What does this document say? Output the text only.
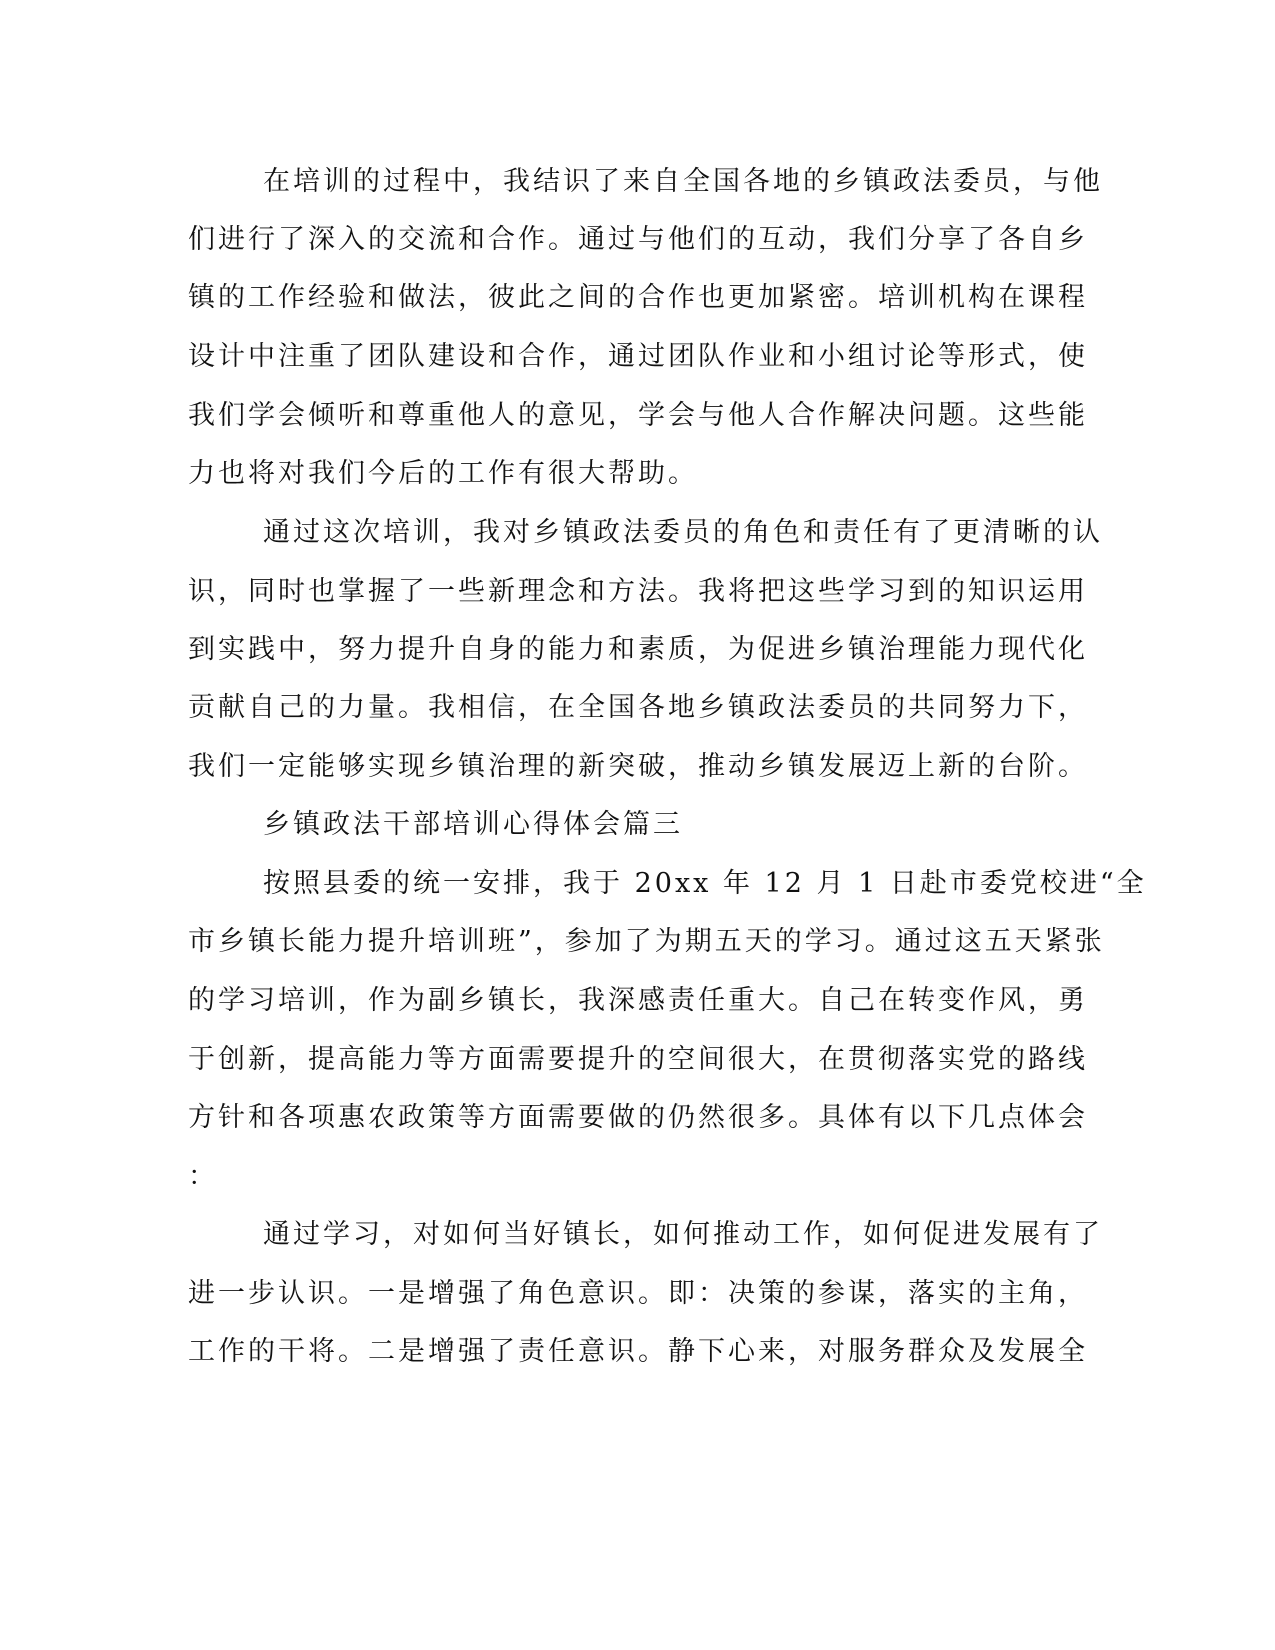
在培训的过程中，我结识了来自全国各地的乡镇政法委员，与他
们进行了深入的交流和合作。通过与他们的互动，我们分享了各自乡
镇的工作经验和做法，彼此之间的合作也更加紧密。培训机构在课程
设计中注重了团队建设和合作，通过团队作业和小组讨论等形式，使
我们学会倾听和尊重他人的意见，学会与他人合作解决问题。这些能
力也将对我们今后的工作有很大帮助。
通过这次培训，我对乡镇政法委员的角色和责任有了更清晰的认
识，同时也掌握了一些新理念和方法。我将把这些学习到的知识运用
到实践中，努力提升自身的能力和素质，为促进乡镇治理能力现代化
贡献自己的力量。我相信，在全国各地乡镇政法委员的共同努力下，
我们一定能够实现乡镇治理的新突破，推动乡镇发展迈上新的台阶。
乡镇政法干部培训心得体会篇三
按照县委的统一安排，我于 20xx 年 12 月 1 日赴市委党校进“全
市乡镇长能力提升培训班”，参加了为期五天的学习。通过这五天紧张
的学习培训，作为副乡镇长，我深感责任重大。自己在转变作风，勇
于创新，提高能力等方面需要提升的空间很大，在贯彻落实党的路线
方针和各项惠农政策等方面需要做的仍然很多。具体有以下几点体会
：
通过学习，对如何当好镇长，如何推动工作，如何促进发展有了
进一步认识。一是增强了角色意识。即：决策的参谋，落实的主角，
工作的干将。二是增强了责任意识。静下心来，对服务群众及发展全
